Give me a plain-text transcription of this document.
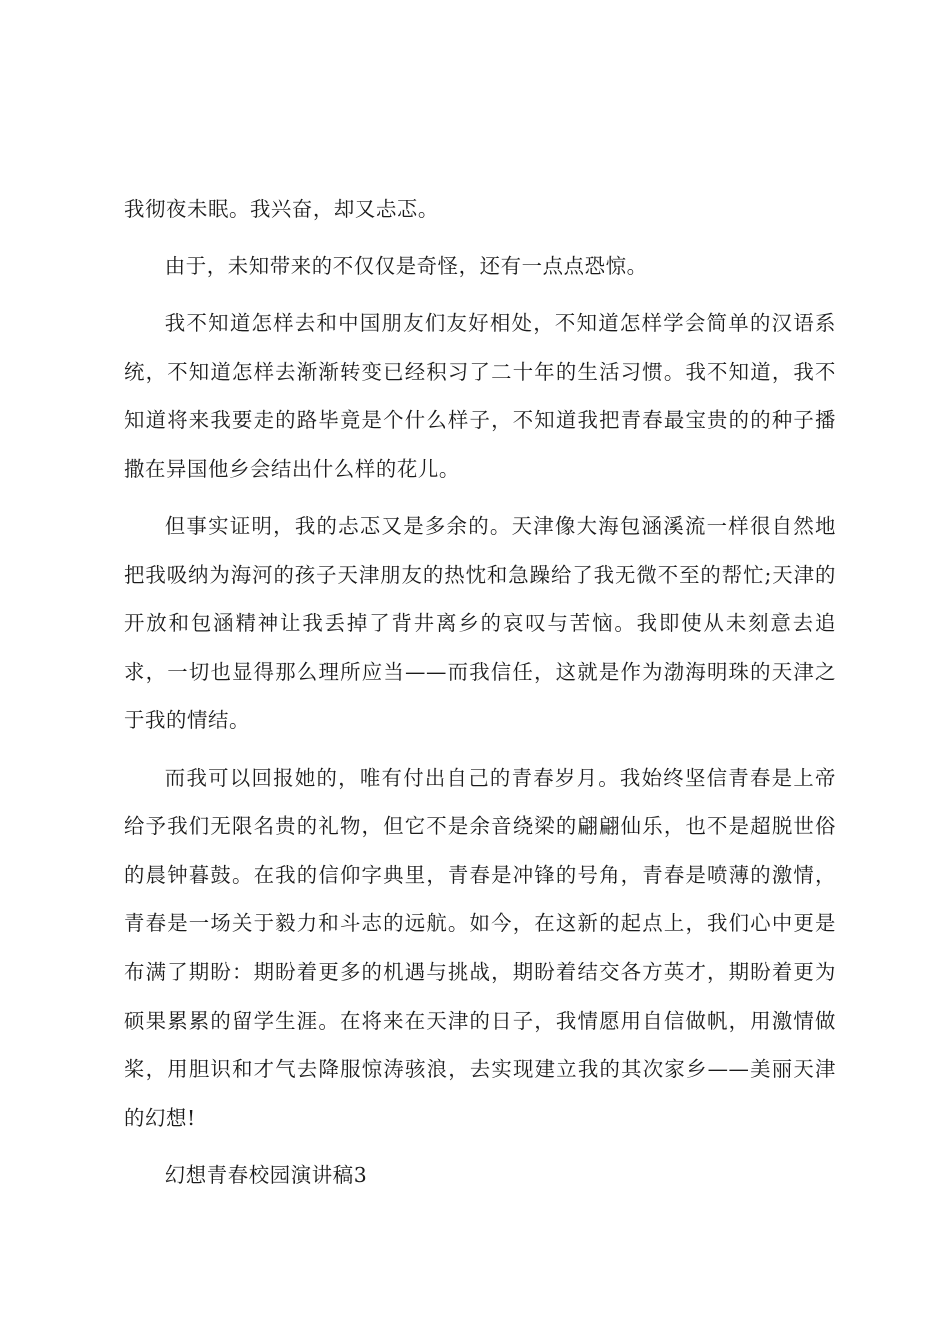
我彻夜未眠。我兴奋，却又忐忑。

由于，未知带来的不仅仅是奇怪，还有一点点恐惊。

我不知道怎样去和中国朋友们友好相处，不知道怎样学会简单的汉语系统，不知道怎样去渐渐转变已经积习了二十年的生活习惯。我不知道，我不知道将来我要走的路毕竟是个什么样子，不知道我把青春最宝贵的的种子播撒在异国他乡会结出什么样的花儿。

但事实证明，我的忐忑又是多余的。天津像大海包涵溪流一样很自然地把我吸纳为海河的孩子天津朋友的热忱和急躁给了我无微不至的帮忙;天津的开放和包涵精神让我丢掉了背井离乡的哀叹与苦恼。我即使从未刻意去追求，一切也显得那么理所应当——而我信任，这就是作为渤海明珠的天津之于我的情结。

而我可以回报她的，唯有付出自己的青春岁月。我始终坚信青春是上帝给予我们无限名贵的礼物，但它不是余音绕梁的翩翩仙乐，也不是超脱世俗的晨钟暮鼓。在我的信仰字典里，青春是冲锋的号角，青春是喷薄的激情，青春是一场关于毅力和斗志的远航。如今，在这新的起点上，我们心中更是布满了期盼：期盼着更多的机遇与挑战，期盼着结交各方英才，期盼着更为硕果累累的留学生涯。在将来在天津的日子，我情愿用自信做帆，用激情做桨，用胆识和才气去降服惊涛骇浪，去实现建立我的其次家乡——美丽天津的幻想!

幻想青春校园演讲稿3
